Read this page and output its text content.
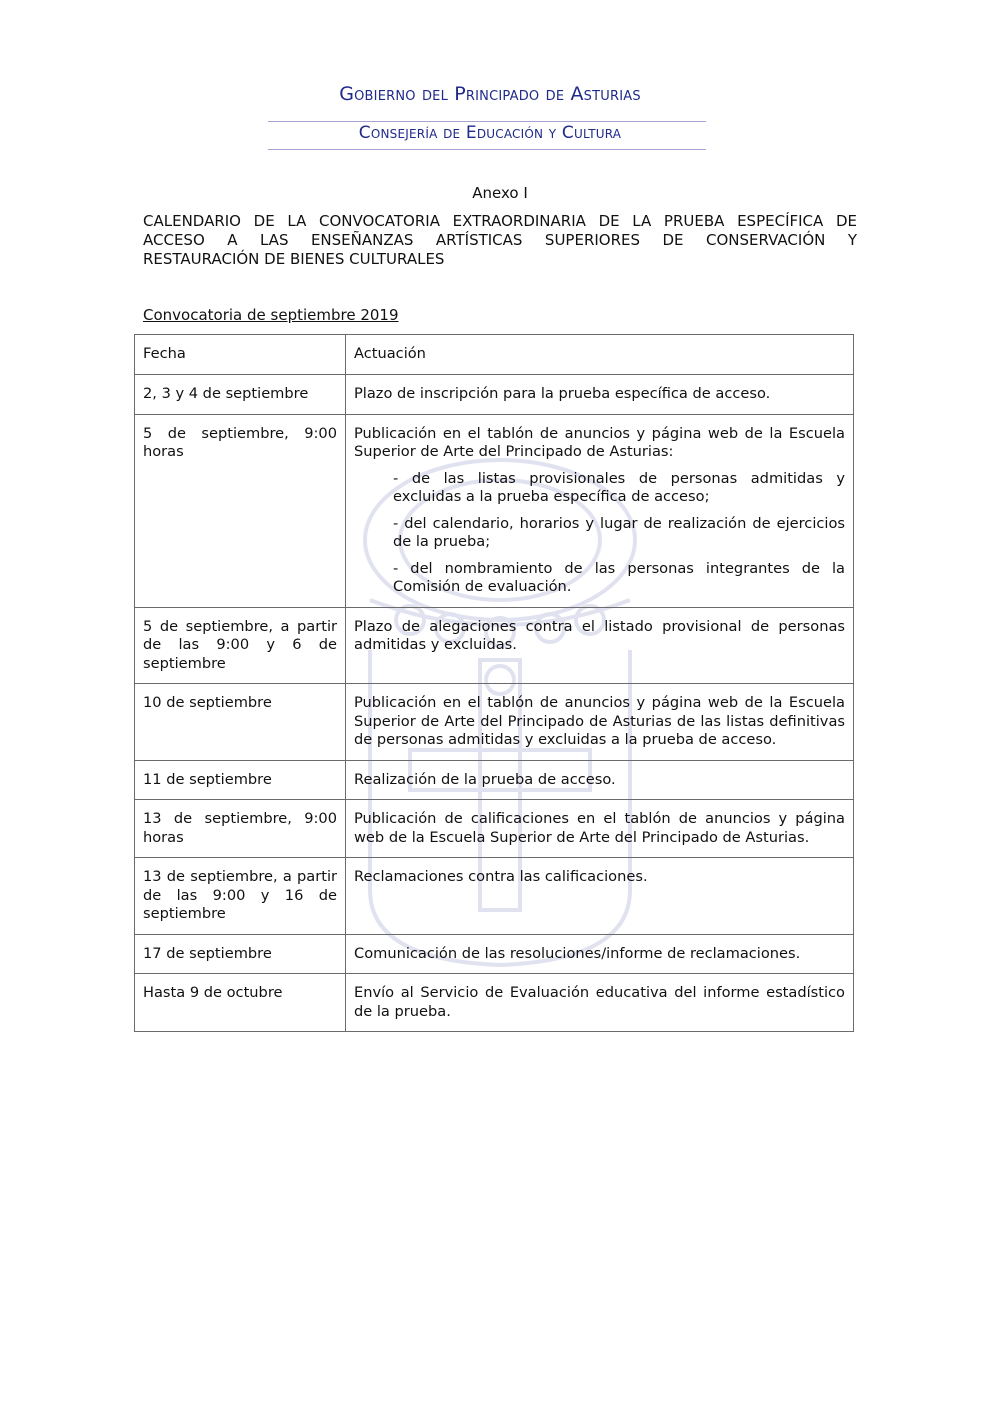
Gobierno del Principado de Asturias
Consejería de Educación y Cultura
Anexo I
CALENDARIO DE LA CONVOCATORIA EXTRAORDINARIA DE LA PRUEBA ESPECÍFICA DE
ACCESO A LAS ENSEÑANZAS ARTÍSTICAS SUPERIORES DE CONSERVACIÓN Y
RESTAURACIÓN DE BIENES CULTURALES
Convocatoria de septiembre 2019
Fecha	Actuación
2, 3 y 4 de septiembre	Plazo de inscripción para la prueba específica de acceso.
5 de septiembre, 9:00 horas	Publicación en el tablón de anuncios y página web de la Escuela Superior de Arte del Principado de Asturias:
- de las listas provisionales de personas admitidas y excluidas a la prueba específica de acceso;
- del calendario, horarios y lugar de realización de ejercicios de la prueba;
- del nombramiento de las personas integrantes de la Comisión de evaluación.

5 de septiembre, a partir de las 9:00 y 6 de septiembre	Plazo de alegaciones contra el listado provisional de personas admitidas y excluidas.
10 de septiembre	Publicación en el tablón de anuncios y página web de la Escuela Superior de Arte del Principado de Asturias de las listas definitivas de personas admitidas y excluidas a la prueba de acceso.
11 de septiembre	Realización de la prueba de acceso.
13 de septiembre, 9:00 horas	Publicación de calificaciones en el tablón de anuncios y página web de la Escuela Superior de Arte del Principado de Asturias.
13 de septiembre, a partir de las 9:00 y 16 de septiembre	Reclamaciones contra las calificaciones.
17 de septiembre	Comunicación de las resoluciones/informe de reclamaciones.
Hasta 9 de octubre	Envío al Servicio de Evaluación educativa del informe estadístico de la prueba.
